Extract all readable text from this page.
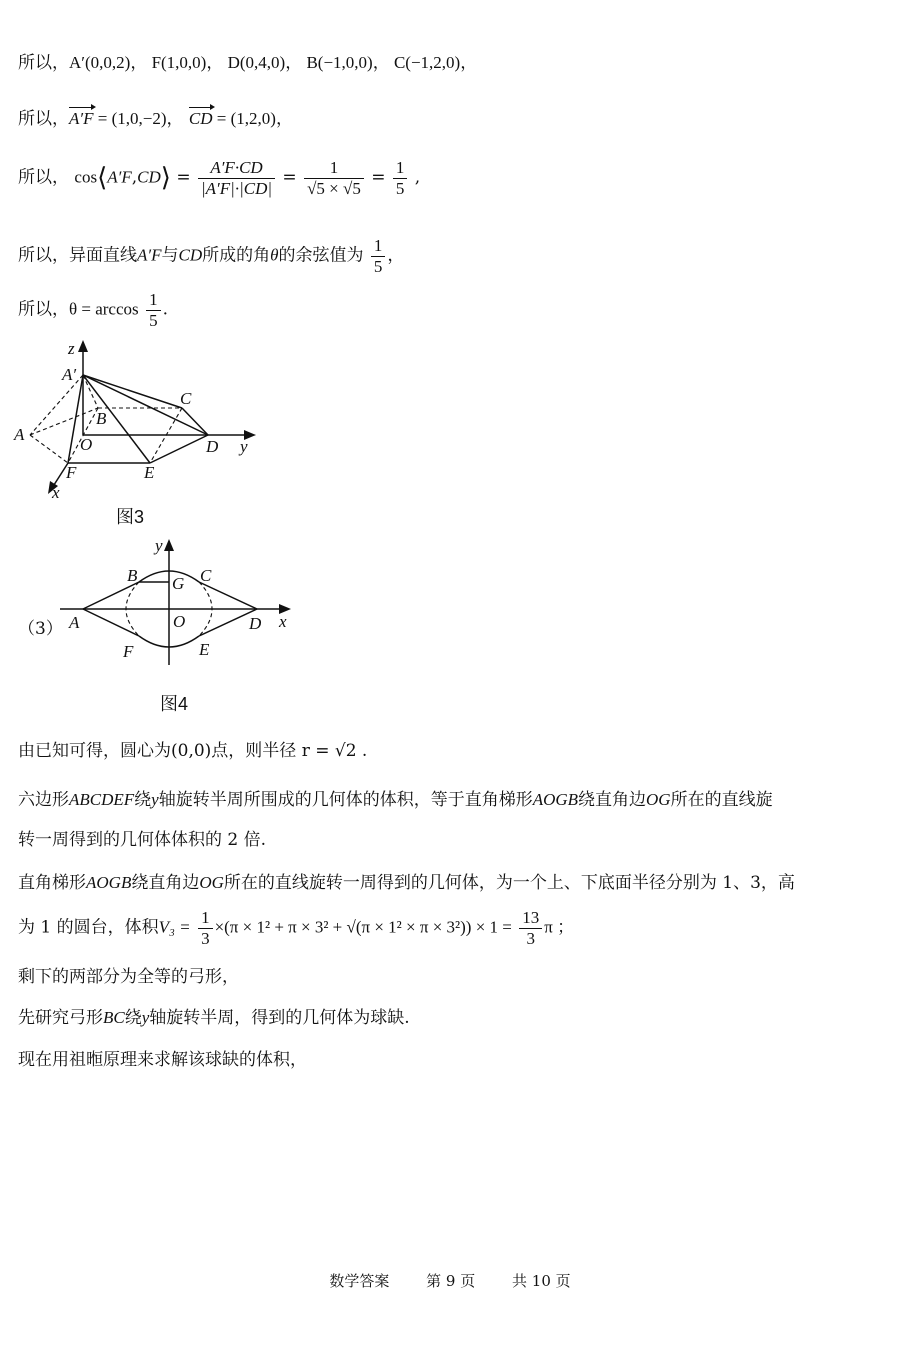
所以，A′(0,0,2)， F(1,0,0)， D(0,4,0)， B(−1,0,0)， C(−1,2,0)，
所以，A′F = (1,0,−2)， CD = (1,2,0)，
所以， cos⟨A′F,CD⟩ = $\frac{A'F\cdot CD}{|A'F|\cdot|CD|} = \frac{1}{√5 \times √5} = \frac{1}{5}$ ,
所以，异面直线A′F与CD所成的角θ的余弦值为 $\frac{1}{5}$ ，
所以，$\theta = \arccos \frac{1}{5}$ .
z
A′
C
B
A
O	D y
F	E
x
图3
（3）
y
B	C
G
A	O	D x
F	E
图4
由已知可得，圆心为(0,0)点，则半径 r = √2 .
六边形ABCDEF绕y轴旋转半周所围成的几何体的体积，等于直角梯形AOGB绕直角边OG所在的直线旋
转一周得到的几何体体积的 2 倍.
直角梯形AOGB绕直角边OG所在的直线旋转一周得到的几何体，为一个上、下底面半径分别为 1、3，高
为 1 的圆台，体积$V_3 = \frac{1}{3} \times(\pi \times 1^2 + \pi \times 3^2 + √(\pi \times 1^2 \times \pi \times 3^2)) \times 1 = \frac{13}{3}$ π ；
剩下的两部分为全等的弓形，
先研究弓形BC绕y轴旋转半周，得到的几何体为球缺.
现在用祖暅原理来求解该球缺的体积，
数学答案 第 9 页 共 10 页
